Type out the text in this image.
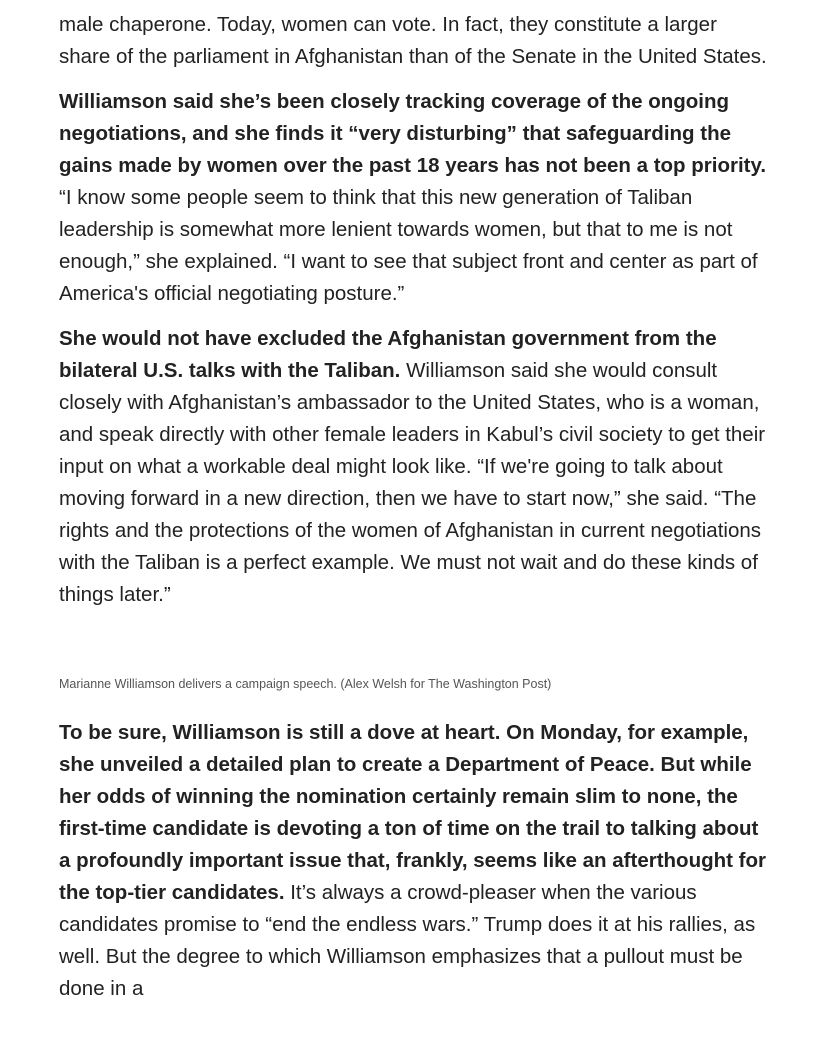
male chaperone. Today, women can vote. In fact, they constitute a larger share of the parliament in Afghanistan than of the Senate in the United States.

Williamson said she’s been closely tracking coverage of the ongoing negotiations, and she finds it “very disturbing” that safeguarding the gains made by women over the past 18 years has not been a top priority. “I know some people seem to think that this new generation of Taliban leadership is somewhat more lenient towards women, but that to me is not enough,” she explained. “I want to see that subject front and center as part of America's official negotiating posture.”

She would not have excluded the Afghanistan government from the bilateral U.S. talks with the Taliban. Williamson said she would consult closely with Afghanistan’s ambassador to the United States, who is a woman, and speak directly with other female leaders in Kabul’s civil society to get their input on what a workable deal might look like. “If we're going to talk about moving forward in a new direction, then we have to start now,” she said. “The rights and the protections of the women of Afghanistan in current negotiations with the Taliban is a perfect example. We must not wait and do these kinds of things later.”

Marianne Williamson delivers a campaign speech. (Alex Welsh for The Washington Post)

To be sure, Williamson is still a dove at heart. On Monday, for example, she unveiled a detailed plan to create a Department of Peace. But while her odds of winning the nomination certainly remain slim to none, the first-time candidate is devoting a ton of time on the trail to talking about a profoundly important issue that, frankly, seems like an afterthought for the top-tier candidates. It’s always a crowd-pleaser when the various candidates promise to “end the endless wars.” Trump does it at his rallies, as well. But the degree to which Williamson emphasizes that a pullout must be done in a
